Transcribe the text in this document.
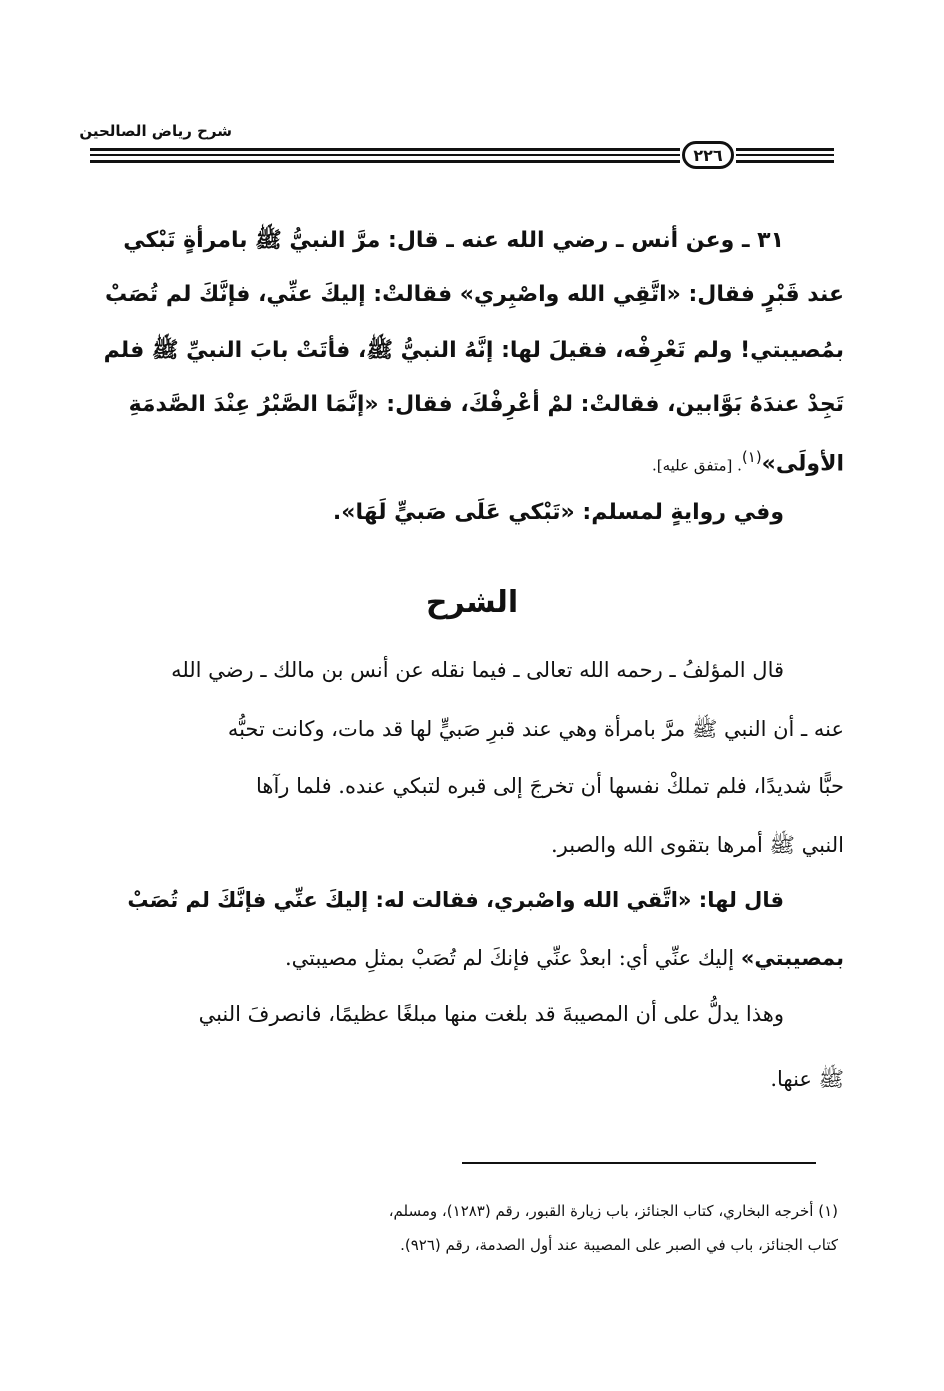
شرح رياض الصالحين
٢٢٦
٣١ ـ وعن أنس ـ رضي الله عنه ـ قال: مرَّ النبيُّ ﷺ بامرأةٍ تَبْكي
عند قَبْرٍ فقال: «اتَّقِي الله واصْبِري» فقالتْ: إليكَ عنِّي، فإنَّكَ لم تُصَبْ
بمُصيبتي! ولم تَعْرِفْه، فقيلَ لها: إنَّهُ النبيُّ ﷺ، فأتَتْ بابَ النبيِّ ﷺ فلم
تَجِدْ عندَهُ بَوَّابين، فقالتْ: لمْ أعْرِفْكَ، فقال: «إنَّمَا الصَّبْرُ عِنْدَ الصَّدمَةِ
الأولَى»$^{(١)}$. [متفق عليه].
وفي روايةٍ لمسلم: «تَبْكي عَلَى صَبيٍّ لَهَا».
الشرح
قال المؤلفُ ـ رحمه الله تعالى ـ فيما نقله عن أنس بن مالك ـ رضي الله
عنه ـ أن النبي ﷺ مرَّ بامرأة وهي عند قبرِ صَبيٍّ لها قد مات، وكانت تحبُّه
حبًّا شديدًا، فلم تملكْ نفسها أن تخرجَ إلى قبره لتبكي عنده. فلما رآها
النبي ﷺ أمرها بتقوى الله والصبر.
قال لها: «اتَّقي الله واصْبري، فقالت له: إليكَ عنِّي فإنَّكَ لم تُصَبْ
بمصيبتي» إليك عنِّي أي: ابعدْ عنِّي فإنكَ لم تُصَبْ بمثلِ مصيبتي.
وهذا يدلُّ على أن المصيبةَ قد بلغت منها مبلغًا عظيمًا، فانصرفَ النبي
ﷺ عنها.
(١) أخرجه البخاري، كتاب الجنائز، باب زيارة القبور، رقم (١٢٨٣)، ومسلم،
كتاب الجنائز، باب في الصبر على المصيبة عند أول الصدمة، رقم (٩٢٦).
